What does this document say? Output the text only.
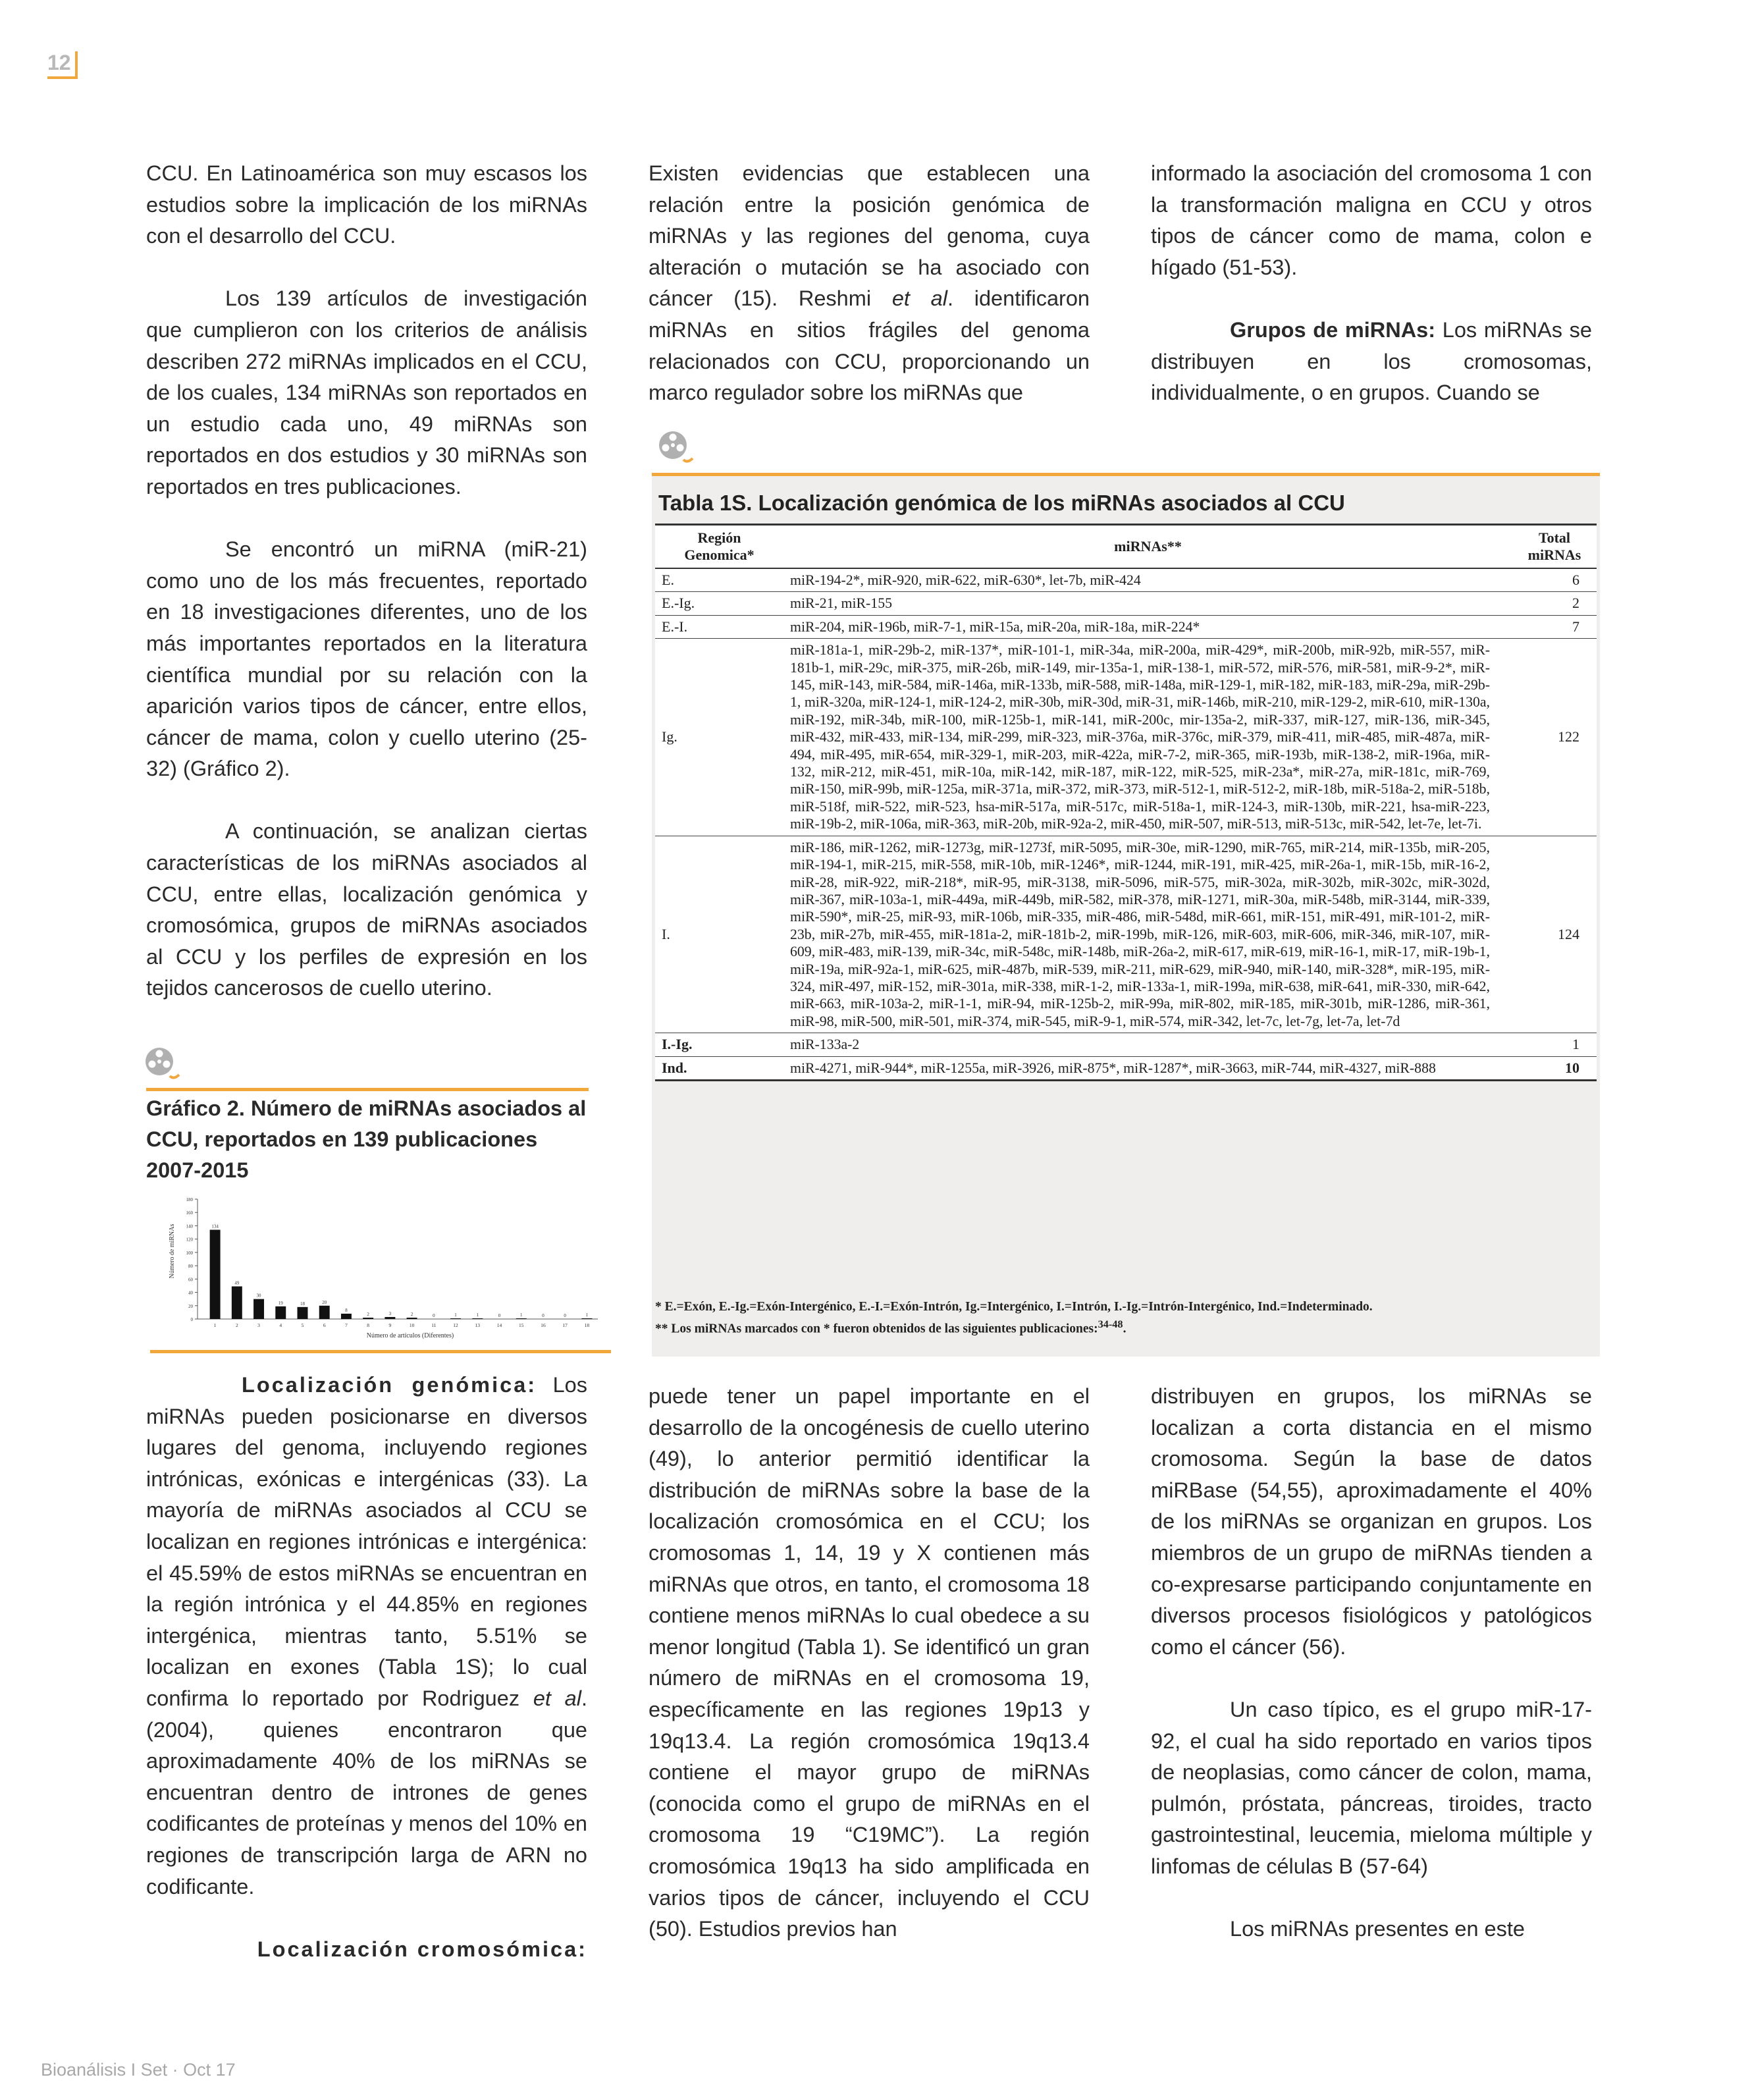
12

CCU. En Latinoamérica son muy escasos los estudios sobre la implicación de los miRNAs con el desarrollo del CCU.

Los 139 artículos de investigación que cumplieron con los criterios de análisis describen 272 miRNAs implicados en el CCU, de los cuales, 134 miRNAs son reportados en un estudio cada uno, 49 miRNAs son reportados en dos estudios y 30 miRNAs son reportados en tres publicaciones.

Se encontró un miRNA (miR-21) como uno de los más frecuentes, reportado en 18 investigaciones diferentes, uno de los más importantes reportados en la literatura científica mundial por su relación con la aparición varios tipos de cáncer, entre ellos, cáncer de mama, colon y cuello uterino (25-32) (Gráfico 2).

A continuación, se analizan ciertas características de los miRNAs asociados al CCU, entre ellas, localización genómica y cromosómica, grupos de miRNAs asociados al CCU y los perfiles de expresión en los tejidos cancerosos de cuello uterino.

Existen evidencias que establecen una relación entre la posición genómica de miRNAs y las regiones del genoma, cuya alteración o mutación se ha asociado con cáncer (15). Reshmi et al. identificaron miRNAs en sitios frágiles del genoma relacionados con CCU, proporcionando un marco regulador sobre los miRNAs que

informado la asociación del cromosoma 1 con la transformación maligna en CCU y otros tipos de cáncer como de mama, colon e hígado (51-53).

Grupos de miRNAs: Los miRNAs se distribuyen en los cromosomas, individualmente, o en grupos. Cuando se

Gráfico 2. Número de miRNAs asociados al CCU, reportados en 139 publicaciones 2007-2015
Número de miRNAs
Número de artículos (Diferentes)
0
20
40
60
80
100
120
140
160
180
134
1
49
2
30
3
19
4
18
5
20
6
8
7
2
8
3
9
2
10
0
11
1
12
1
13
0
14
1
15
0
16
0
17
1
18
Tabla 1S. Localización genómica de los miRNAs asociados al CCU
Región
Genomica*	miRNAs**	Total
miRNAs
E.	miR-194-2*, miR-920, miR-622, miR-630*, let-7b, miR-424	6
E.-Ig.	miR-21, miR-155	2
E.-I.	miR-204, miR-196b, miR-7-1, miR-15a, miR-20a, miR-18a, miR-224*	7
Ig.	miR-181a-1, miR-29b-2, miR-137*, miR-101-1, miR-34a, miR-200a, miR-429*, miR-200b, miR-92b, miR-557, miR-181b-1, miR-29c, miR-375, miR-26b, miR-149, mir-135a-1, miR-138-1, miR-572, miR-576, miR-581, miR-9-2*, miR-145, miR-143, miR-584, miR-146a, miR-133b, miR-588, miR-148a, miR-129-1, miR-182, miR-183, miR-29a, miR-29b-1, miR-320a, miR-124-1, miR-124-2, miR-30b, miR-30d, miR-31, miR-146b, miR-210, miR-129-2, miR-610, miR-130a, miR-192, miR-34b, miR-100, miR-125b-1, miR-141, miR-200c, mir-135a-2, miR-337, miR-127, miR-136, miR-345, miR-432, miR-433, miR-134, miR-299, miR-323, miR-376a, miR-376c, miR-379, miR-411, miR-485, miR-487a, miR-494, miR-495, miR-654, miR-329-1, miR-203, miR-422a, miR-7-2, miR-365, miR-193b, miR-138-2, miR-196a, miR-132, miR-212, miR-451, miR-10a, miR-142, miR-187, miR-122, miR-525, miR-23a*, miR-27a, miR-181c, miR-769, miR-150, miR-99b, miR-125a, miR-371a, miR-372, miR-373, miR-512-1, miR-512-2, miR-18b, miR-518a-2, miR-518b, miR-518f, miR-522, miR-523, hsa-miR-517a, miR-517c, miR-518a-1, miR-124-3, miR-130b, miR-221, hsa-miR-223, miR-19b-2, miR-106a, miR-363, miR-20b, miR-92a-2, miR-450, miR-507, miR-513, miR-513c, miR-542, let-7e, let-7i.	122
I.	miR-186, miR-1262, miR-1273g, miR-1273f, miR-5095, miR-30e, miR-1290, miR-765, miR-214, miR-135b, miR-205, miR-194-1, miR-215, miR-558, miR-10b, miR-1246*, miR-1244, miR-191, miR-425, miR-26a-1, miR-15b, miR-16-2, miR-28, miR-922, miR-218*, miR-95, miR-3138, miR-5096, miR-575, miR-302a, miR-302b, miR-302c, miR-302d, miR-367, miR-103a-1, miR-449a, miR-449b, miR-582, miR-378, miR-1271, miR-30a, miR-548b, miR-3144, miR-339, miR-590*, miR-25, miR-93, miR-106b, miR-335, miR-486, miR-548d, miR-661, miR-151, miR-491, miR-101-2, miR-23b, miR-27b, miR-455, miR-181a-2, miR-181b-2, miR-199b, miR-126, miR-603, miR-606, miR-346, miR-107, miR-609, miR-483, miR-139, miR-34c, miR-548c, miR-148b, miR-26a-2, miR-617, miR-619, miR-16-1, miR-17, miR-19b-1, miR-19a, miR-92a-1, miR-625, miR-487b, miR-539, miR-211, miR-629, miR-940, miR-140, miR-328*, miR-195, miR-324, miR-497, miR-152, miR-301a, miR-338, miR-1-2, miR-133a-1, miR-199a, miR-638, miR-641, miR-330, miR-642, miR-663, miR-103a-2, miR-1-1, miR-94, miR-125b-2, miR-99a, miR-802, miR-185, miR-301b, miR-1286, miR-361, miR-98, miR-500, miR-501, miR-374, miR-545, miR-9-1, miR-574, miR-342, let-7c, let-7g, let-7a, let-7d	124
I.-Ig.	miR-133a-2	1
Ind.	miR-4271, miR-944*, miR-1255a, miR-3926, miR-875*, miR-1287*, miR-3663, miR-744, miR-4327, miR-888	10
* E.=Exón, E.-Ig.=Exón-Intergénico, E.-I.=Exón-Intrón, Ig.=Intergénico, I.=Intrón, I.-Ig.=Intrón-Intergénico, Ind.=Indeterminado.
** Los miRNAs marcados con * fueron obtenidos de las siguientes publicaciones:$^{34-48}$.

Localización genómica: Los miRNAs pueden posicionarse en diversos lugares del genoma, incluyendo regiones intrónicas, exónicas e intergénicas (33). La mayoría de miRNAs asociados al CCU se localizan en regiones intrónicas e intergénica: el 45.59% de estos miRNAs se encuentran en la región intrónica y el 44.85% en regiones intergénica, mientras tanto, 5.51% se localizan en exones (Tabla 1S); lo cual confirma lo reportado por Rodriguez et al. (2004), quienes encontraron que aproximadamente 40% de los miRNAs se encuentran dentro de intrones de genes codificantes de proteínas y menos del 10% en regiones de transcripción larga de ARN no codificante.

Localización cromosómica:

puede tener un papel importante en el desarrollo de la oncogénesis de cuello uterino (49), lo anterior permitió identificar la distribución de miRNAs sobre la base de la localización cromosómica en el CCU; los cromosomas 1, 14, 19 y X contienen más miRNAs que otros, en tanto, el cromosoma 18 contiene menos miRNAs lo cual obedece a su menor longitud (Tabla 1). Se identificó un gran número de miRNAs en el cromosoma 19, específicamente en las regiones 19p13 y 19q13.4. La región cromosómica 19q13.4 contiene el mayor grupo de miRNAs (conocida como el grupo de miRNAs en el cromosoma 19 “C19MC”). La región cromosómica 19q13 ha sido amplificada en varios tipos de cáncer, incluyendo el CCU (50). Estudios previos han

distribuyen en grupos, los miRNAs se localizan a corta distancia en el mismo cromosoma. Según la base de datos miRBase (54,55), aproximadamente el 40% de los miRNAs se organizan en grupos. Los miembros de un grupo de miRNAs tienden a co-expresarse participando conjuntamente en diversos procesos fisiológicos y patológicos como el cáncer (56).

Un caso típico, es el grupo miR-17-92, el cual ha sido reportado en varios tipos de neoplasias, como cáncer de colon, mama, pulmón, próstata, páncreas, tiroides, tracto gastrointestinal, leucemia, mieloma múltiple y linfomas de células B (57-64)

Los miRNAs presentes en este

Bioanálisis I Set · Oct 17
